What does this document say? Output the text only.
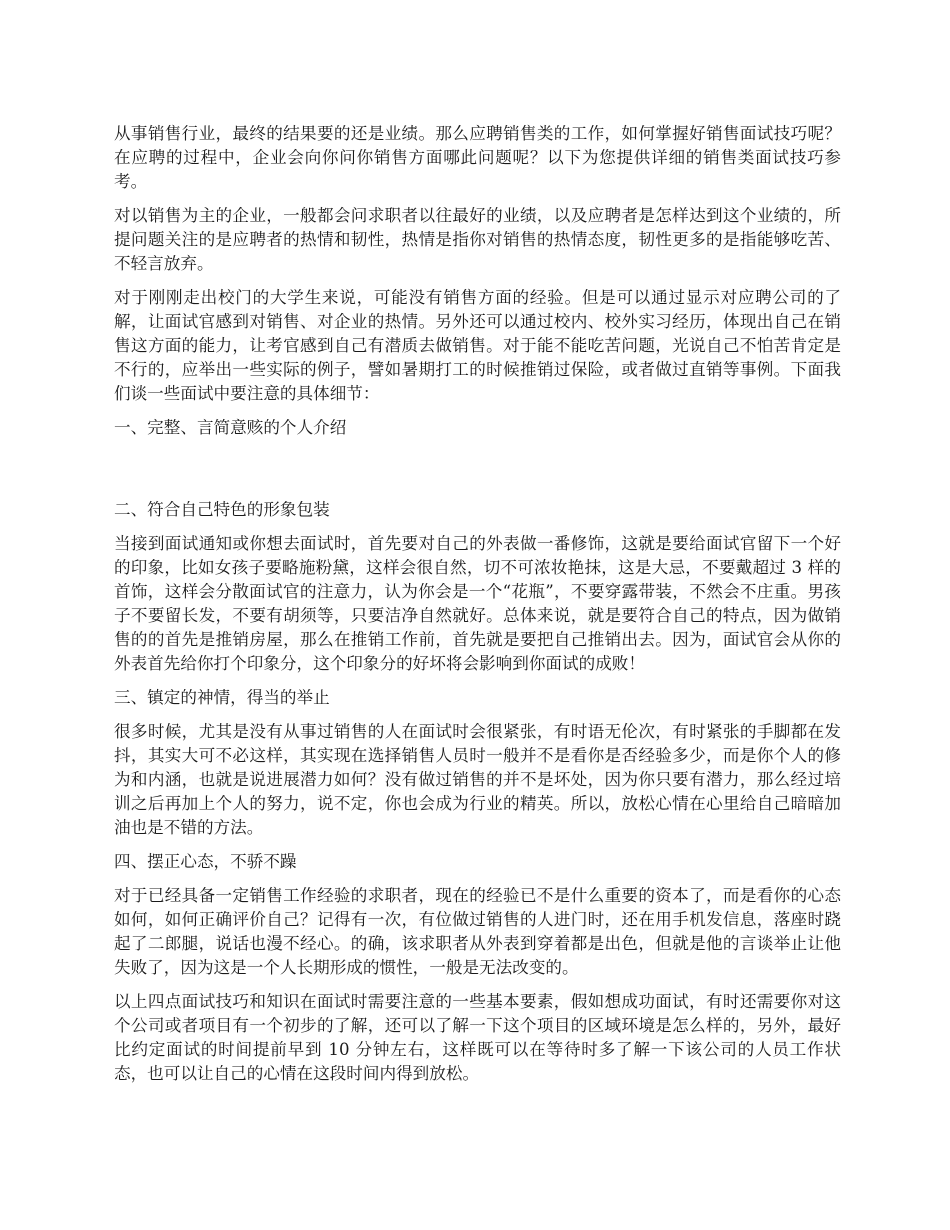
从事销售行业，最终的结果要的还是业绩。那么应聘销售类的工作，如何掌握好销售面试技巧呢？在应聘的过程中，企业会向你问你销售方面哪此问题呢？以下为您提供详细的销售类面试技巧参考。

对以销售为主的企业，一般都会问求职者以往最好的业绩，以及应聘者是怎样达到这个业绩的，所提问题关注的是应聘者的热情和韧性，热情是指你对销售的热情态度，韧性更多的是指能够吃苦、不轻言放弃。

对于刚刚走出校门的大学生来说，可能没有销售方面的经验。但是可以通过显示对应聘公司的了解，让面试官感到对销售、对企业的热情。另外还可以通过校内、校外实习经历，体现出自己在销售这方面的能力，让考官感到自己有潜质去做销售。对于能不能吃苦问题，光说自己不怕苦肯定是不行的，应举出一些实际的例子，譬如暑期打工的时候推销过保险，或者做过直销等事例。下面我们谈一些面试中要注意的具体细节：

一、完整、言简意赅的个人介绍

二、符合自己特色的形象包装

当接到面试通知或你想去面试时，首先要对自己的外表做一番修饰，这就是要给面试官留下一个好的印象，比如女孩子要略施粉黛，这样会很自然，切不可浓妆艳抹，这是大忌，不要戴超过 3 样的首饰，这样会分散面试官的注意力，认为你会是一个“花瓶”，不要穿露带装，不然会不庄重。男孩子不要留长发，不要有胡须等，只要洁净自然就好。总体来说，就是要符合自己的特点，因为做销售的的首先是推销房屋，那么在推销工作前，首先就是要把自己推销出去。因为，面试官会从你的外表首先给你打个印象分，这个印象分的好坏将会影响到你面试的成败！

三、镇定的神情，得当的举止

很多时候，尤其是没有从事过销售的人在面试时会很紧张，有时语无伦次，有时紧张的手脚都在发抖，其实大可不必这样，其实现在选择销售人员时一般并不是看你是否经验多少，而是你个人的修为和内涵，也就是说进展潜力如何？没有做过销售的并不是坏处，因为你只要有潜力，那么经过培训之后再加上个人的努力，说不定，你也会成为行业的精英。所以，放松心情在心里给自己暗暗加油也是不错的方法。

四、摆正心态，不骄不躁

对于已经具备一定销售工作经验的求职者，现在的经验已不是什么重要的资本了，而是看你的心态如何，如何正确评价自己？记得有一次，有位做过销售的人进门时，还在用手机发信息，落座时跷起了二郎腿，说话也漫不经心。的确，该求职者从外表到穿着都是出色，但就是他的言谈举止让他失败了，因为这是一个人长期形成的惯性，一般是无法改变的。

以上四点面试技巧和知识在面试时需要注意的一些基本要素，假如想成功面试，有时还需要你对这个公司或者项目有一个初步的了解，还可以了解一下这个项目的区域环境是怎么样的，另外，最好比约定面试的时间提前早到 10 分钟左右，这样既可以在等待时多了解一下该公司的人员工作状态，也可以让自己的心情在这段时间内得到放松。
